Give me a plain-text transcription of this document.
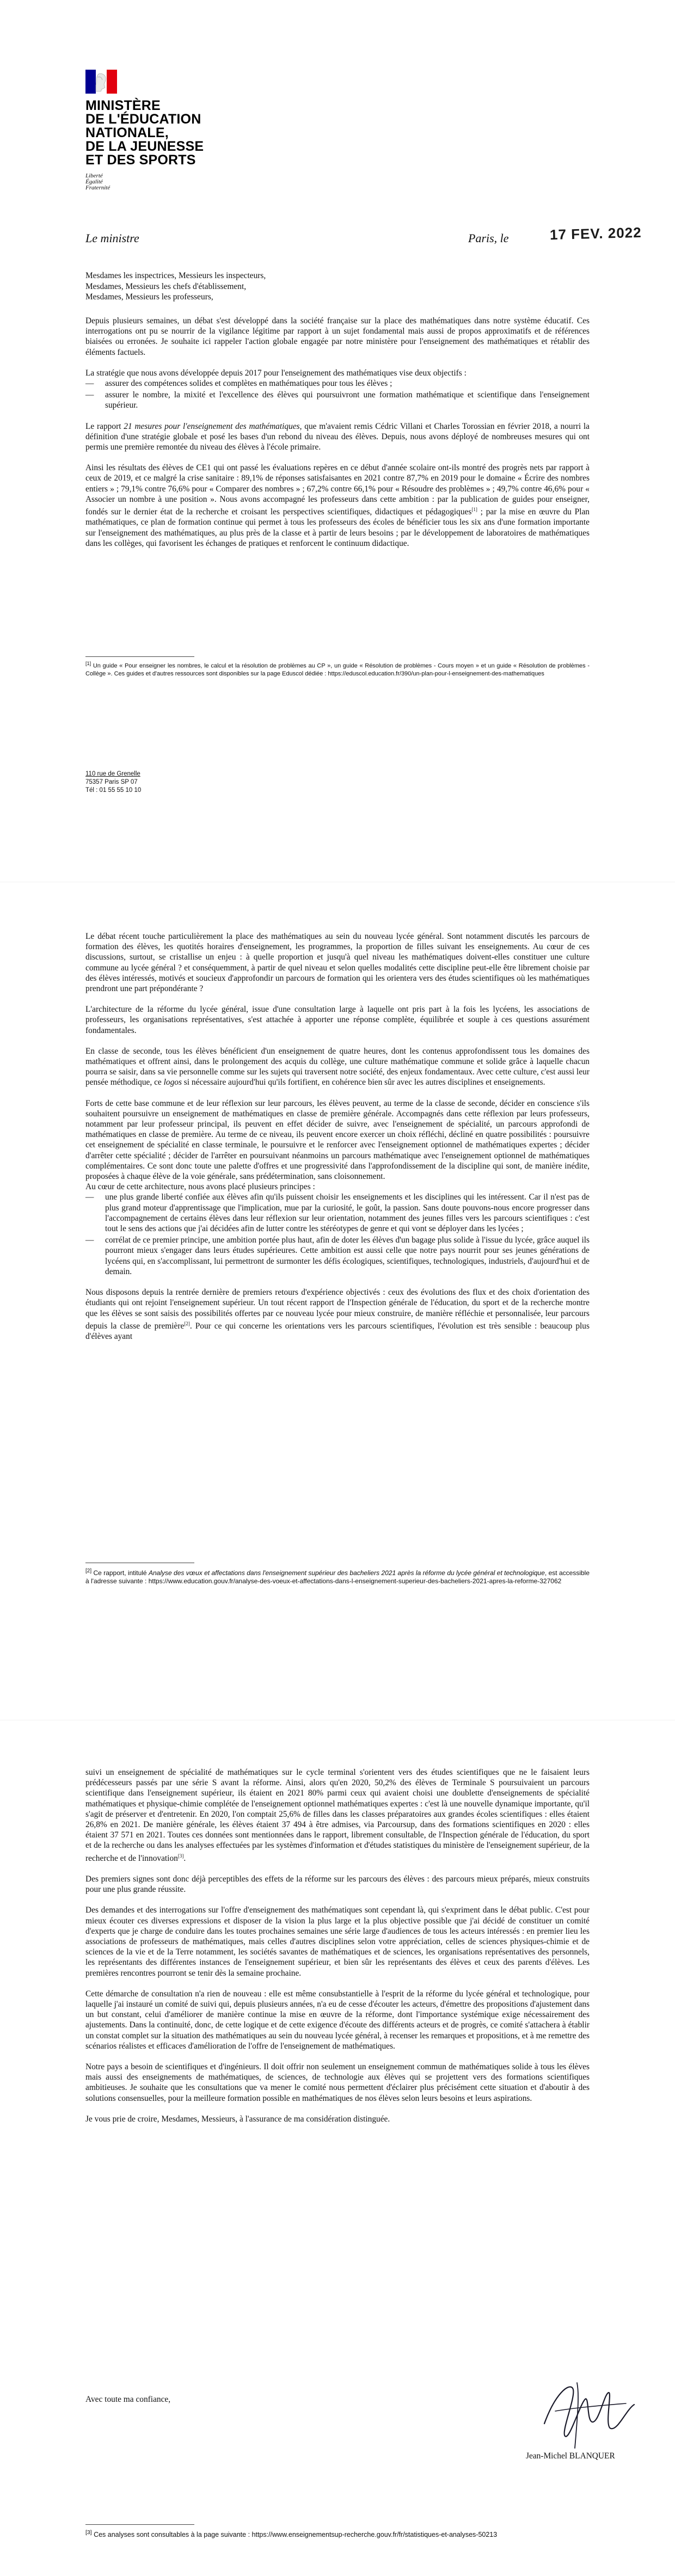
MINISTÈRE
DE L'ÉDUCATION
NATIONALE,
DE LA JEUNESSE
ET DES SPORTS
Liberté
Égalité
Fraternité
Le ministre	Paris, le	17 FEV. 2022
Mesdames les inspectrices, Messieurs les inspecteurs,
Mesdames, Messieurs les chefs d'établissement,
Mesdames, Messieurs les professeurs,

Depuis plusieurs semaines, un débat s'est développé dans la société française sur la place des mathématiques dans notre système éducatif. Ces interrogations ont pu se nourrir de la vigilance légitime par rapport à un sujet fondamental mais aussi de propos approximatifs et de références biaisées ou erronées. Je souhaite ici rappeler l'action globale engagée par notre ministère pour l'enseignement des mathématiques et rétablir des éléments factuels.

La stratégie que nous avons développée depuis 2017 pour l'enseignement des mathématiques vise deux objectifs :

— assurer des compétences solides et complètes en mathématiques pour tous les élèves ;
— assurer le nombre, la mixité et l'excellence des élèves qui poursuivront une formation mathématique et scientifique dans l'enseignement supérieur.

Le rapport 21 mesures pour l'enseignement des mathématiques, que m'avaient remis Cédric Villani et Charles Torossian en février 2018, a nourri la définition d'une stratégie globale et posé les bases d'un rebond du niveau des élèves. Depuis, nous avons déployé de nombreuses mesures qui ont permis une première remontée du niveau des élèves à l'école primaire.

Ainsi les résultats des élèves de CE1 qui ont passé les évaluations repères en ce début d'année scolaire ont-ils montré des progrès nets par rapport à ceux de 2019, et ce malgré la crise sanitaire : 89,1% de réponses satisfaisantes en 2021 contre 87,7% en 2019 pour le domaine « Écrire des nombres entiers » ; 79,1% contre 76,6% pour « Comparer des nombres » ; 67,2% contre 66,1% pour « Résoudre des problèmes » ; 49,7% contre 46,6% pour « Associer un nombre à une position ». Nous avons accompagné les professeurs dans cette ambition : par la publication de guides pour enseigner, fondés sur le dernier état de la recherche et croisant les perspectives scientifiques, didactiques et pédagogiques[1] ; par la mise en œuvre du Plan mathématiques, ce plan de formation continue qui permet à tous les professeurs des écoles de bénéficier tous les six ans d'une formation importante sur l'enseignement des mathématiques, au plus près de la classe et à partir de leurs besoins ; par le développement de laboratoires de mathématiques dans les collèges, qui favorisent les échanges de pratiques et renforcent le continuum didactique.

[1] Un guide « Pour enseigner les nombres, le calcul et la résolution de problèmes au CP », un guide « Résolution de problèmes - Cours moyen » et un guide « Résolution de problèmes - Collège ». Ces guides et d'autres ressources sont disponibles sur la page Eduscol dédiée : https://eduscol.education.fr/390/un-plan-pour-l-enseignement-des-mathematiques
110 rue de Grenelle
75357 Paris SP 07
Tél : 01 55 55 10 10

Le débat récent touche particulièrement la place des mathématiques au sein du nouveau lycée général. Sont notamment discutés les parcours de formation des élèves, les quotités horaires d'enseignement, les programmes, la proportion de filles suivant les enseignements. Au cœur de ces discussions, surtout, se cristallise un enjeu : à quelle proportion et jusqu'à quel niveau les mathématiques doivent-elles constituer une culture commune au lycée général ? et conséquemment, à partir de quel niveau et selon quelles modalités cette discipline peut-elle être librement choisie par des élèves intéressés, motivés et soucieux d'approfondir un parcours de formation qui les orientera vers des études scientifiques où les mathématiques prendront une part prépondérante ?

L'architecture de la réforme du lycée général, issue d'une consultation large à laquelle ont pris part à la fois les lycéens, les associations de professeurs, les organisations représentatives, s'est attachée à apporter une réponse complète, équilibrée et souple à ces questions assurément fondamentales.

En classe de seconde, tous les élèves bénéficient d'un enseignement de quatre heures, dont les contenus approfondissent tous les domaines des mathématiques et offrent ainsi, dans le prolongement des acquis du collège, une culture mathématique commune et solide grâce à laquelle chacun pourra se saisir, dans sa vie personnelle comme sur les sujets qui traversent notre société, des enjeux fondamentaux. Avec cette culture, c'est aussi leur pensée méthodique, ce logos si nécessaire aujourd'hui qu'ils fortifient, en cohérence bien sûr avec les autres disciplines et enseignements.

Forts de cette base commune et de leur réflexion sur leur parcours, les élèves peuvent, au terme de la classe de seconde, décider en conscience s'ils souhaitent poursuivre un enseignement de mathématiques en classe de première générale. Accompagnés dans cette réflexion par leurs professeurs, notamment par leur professeur principal, ils peuvent en effet décider de suivre, avec l'enseignement de spécialité, un parcours approfondi de mathématiques en classe de première. Au terme de ce niveau, ils peuvent encore exercer un choix réfléchi, décliné en quatre possibilités : poursuivre cet enseignement de spécialité en classe terminale, le poursuivre et le renforcer avec l'enseignement optionnel de mathématiques expertes ; décider d'arrêter cette spécialité ; décider de l'arrêter en poursuivant néanmoins un parcours mathématique avec l'enseignement optionnel de mathématiques complémentaires. Ce sont donc toute une palette d'offres et une progressivité dans l'approfondissement de la discipline qui sont, de manière inédite, proposées à chaque élève de la voie générale, sans prédétermination, sans cloisonnement.

Au cœur de cette architecture, nous avons placé plusieurs principes :

— une plus grande liberté confiée aux élèves afin qu'ils puissent choisir les enseignements et les disciplines qui les intéressent. Car il n'est pas de plus grand moteur d'apprentissage que l'implication, mue par la curiosité, le goût, la passion. Sans doute pouvons-nous encore progresser dans l'accompagnement de certains élèves dans leur réflexion sur leur orientation, notamment des jeunes filles vers les parcours scientifiques : c'est tout le sens des actions que j'ai décidées afin de lutter contre les stéréotypes de genre et qui vont se déployer dans les lycées ;
— corrélat de ce premier principe, une ambition portée plus haut, afin de doter les élèves d'un bagage plus solide à l'issue du lycée, grâce auquel ils pourront mieux s'engager dans leurs études supérieures. Cette ambition est aussi celle que notre pays nourrit pour ses jeunes générations de lycéens qui, en s'accomplissant, lui permettront de surmonter les défis écologiques, scientifiques, technologiques, industriels, d'aujourd'hui et de demain.

Nous disposons depuis la rentrée dernière de premiers retours d'expérience objectivés : ceux des évolutions des flux et des choix d'orientation des étudiants qui ont rejoint l'enseignement supérieur. Un tout récent rapport de l'Inspection générale de l'éducation, du sport et de la recherche montre que les élèves se sont saisis des possibilités offertes par ce nouveau lycée pour mieux construire, de manière réfléchie et personnalisée, leur parcours depuis la classe de première[2]. Pour ce qui concerne les orientations vers les parcours scientifiques, l'évolution est très sensible : beaucoup plus d'élèves ayant

[2] Ce rapport, intitulé Analyse des vœux et affectations dans l'enseignement supérieur des bacheliers 2021 après la réforme du lycée général et technologique, est accessible à l'adresse suivante : https://www.education.gouv.fr/analyse-des-voeux-et-affectations-dans-l-enseignement-superieur-des-bacheliers-2021-apres-la-reforme-327062

suivi un enseignement de spécialité de mathématiques sur le cycle terminal s'orientent vers des études scientifiques que ne le faisaient leurs prédécesseurs passés par une série S avant la réforme. Ainsi, alors qu'en 2020, 50,2% des élèves de Terminale S poursuivaient un parcours scientifique dans l'enseignement supérieur, ils étaient en 2021 80% parmi ceux qui avaient choisi une doublette d'enseignements de spécialité mathématiques et physique-chimie complétée de l'enseignement optionnel mathématiques expertes : c'est là une nouvelle dynamique importante, qu'il s'agit de préserver et d'entretenir. En 2020, l'on comptait 25,6% de filles dans les classes préparatoires aux grandes écoles scientifiques : elles étaient 26,8% en 2021. De manière générale, les élèves étaient 37 494 à être admises, via Parcoursup, dans des formations scientifiques en 2020 : elles étaient 37 571 en 2021. Toutes ces données sont mentionnées dans le rapport, librement consultable, de l'Inspection générale de l'éducation, du sport et de la recherche ou dans les analyses effectuées par les systèmes d'information et d'études statistiques du ministère de l'enseignement supérieur, de la recherche et de l'innovation[3].

Des premiers signes sont donc déjà perceptibles des effets de la réforme sur les parcours des élèves : des parcours mieux préparés, mieux construits pour une plus grande réussite.

Des demandes et des interrogations sur l'offre d'enseignement des mathématiques sont cependant là, qui s'expriment dans le débat public. C'est pour mieux écouter ces diverses expressions et disposer de la vision la plus large et la plus objective possible que j'ai décidé de constituer un comité d'experts que je charge de conduire dans les toutes prochaines semaines une série large d'audiences de tous les acteurs intéressés : en premier lieu les associations de professeurs de mathématiques, mais celles d'autres disciplines selon votre appréciation, celles de sciences physiques-chimie et de sciences de la vie et de la Terre notamment, les sociétés savantes de mathématiques et de sciences, les organisations représentatives des personnels, les représentants des différentes instances de l'enseignement supérieur, et bien sûr les représentants des élèves et ceux des parents d'élèves. Les premières rencontres pourront se tenir dès la semaine prochaine.

Cette démarche de consultation n'a rien de nouveau : elle est même consubstantielle à l'esprit de la réforme du lycée général et technologique, pour laquelle j'ai instauré un comité de suivi qui, depuis plusieurs années, n'a eu de cesse d'écouter les acteurs, d'émettre des propositions d'ajustement dans un but constant, celui d'améliorer de manière continue la mise en œuvre de la réforme, dont l'importance systémique exige nécessairement des ajustements. Dans la continuité, donc, de cette logique et de cette exigence d'écoute des différents acteurs et de progrès, ce comité s'attachera à établir un constat complet sur la situation des mathématiques au sein du nouveau lycée général, à recenser les remarques et propositions, et à me remettre des scénarios réalistes et efficaces d'amélioration de l'offre de l'enseignement de mathématiques.

Notre pays a besoin de scientifiques et d'ingénieurs. Il doit offrir non seulement un enseignement commun de mathématiques solide à tous les élèves mais aussi des enseignements de mathématiques, de sciences, de technologie aux élèves qui se projettent vers des formations scientifiques ambitieuses. Je souhaite que les consultations que va mener le comité nous permettent d'éclairer plus précisément cette situation et d'aboutir à des solutions consensuelles, pour la meilleure formation possible en mathématiques de nos élèves selon leurs besoins et leurs aspirations.

Je vous prie de croire, Mesdames, Messieurs, à l'assurance de ma considération distinguée.

Avec toute ma confiance,
Jean-Michel BLANQUER
[3] Ces analyses sont consultables à la page suivante : https://www.enseignementsup-recherche.gouv.fr/fr/statistiques-et-analyses-50213
